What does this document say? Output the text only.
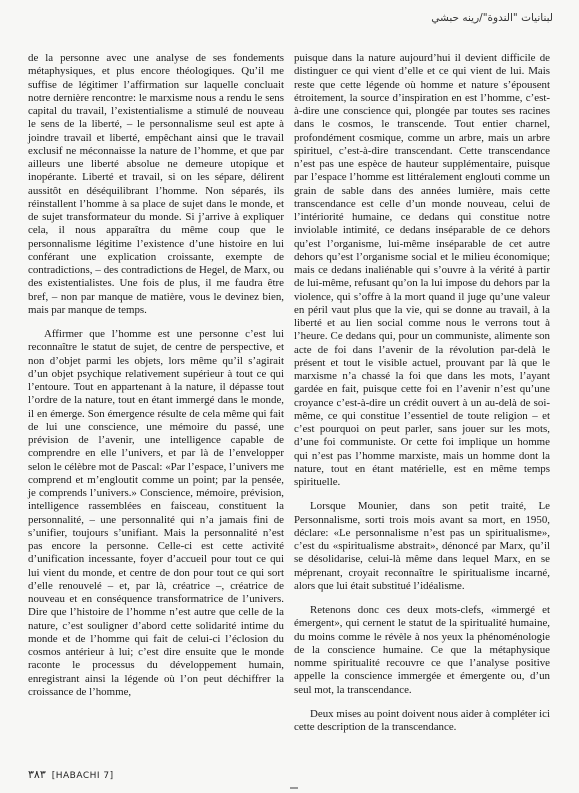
لبنانيات "الندوة"/رينه حبشي

de la personne avec une analyse de ses fondements métaphysiques, et plus encore théologiques. Qu’il me suffise de légitimer l’affirmation sur laquelle concluait notre dernière rencontre: le marxisme nous a rendu le sens capital du travail, l’existentialisme a stimulé de nouveau le sens de la liberté, – le personnalisme seul est apte à joindre travail et liberté, empêchant ainsi que le travail exclusif ne méconnaisse la nature de l’homme, et que par ailleurs une liberté absolue ne demeure utopique et inopérante. Liberté et travail, si on les sépare, délirent aussitôt en déséquilibrant l’homme. Non séparés, ils réinstallent l’homme à sa place de sujet dans le monde, et de sujet transformateur du monde. Si j’arrive à expliquer cela, il nous apparaîtra du même coup que le personnalisme légitime l’existence d’une histoire en lui conférant une explication croissante, exempte de contradictions, – des contradictions de Hegel, de Marx, ou des existentialistes. Une fois de plus, il me faudra être bref, – non par manque de matière, vous le devinez bien, mais par manque de temps.

Affirmer que l’homme est une personne c’est lui reconnaître le statut de sujet, de centre de perspective, et non d’objet parmi les objets, lors même qu’il s’agirait d’un objet psychique relativement supérieur à tout ce qui l’entoure. Tout en appartenant à la nature, il dépasse tout l’ordre de la nature, tout en étant immergé dans le monde, il en émerge. Son émergence résulte de cela même qui fait de lui une conscience, une mémoire du passé, une prévision de l’avenir, une intelligence capable de comprendre en elle l’univers, et par là de l’envelopper selon le célèbre mot de Pascal: «Par l’espace, l’univers me comprend et m’engloutit comme un point; par la pensée, je comprends l’univers.» Conscience, mémoire, prévision, intelligence rassemblées en faisceau, constituent la personnalité, – une personnalité qui n’a jamais fini de s’unifier, toujours s’unifiant. Mais la personnalité n’est pas encore la personne. Celle-ci est cette activité d’unification incessante, foyer d’accueil pour tout ce qui lui vient du monde, et centre de don pour tout ce qui sort d’elle renouvelé – et, par là, créatrice –, créatrice de nouveau et en conséquence transformatrice de l’univers. Dire que l’histoire de l’homme n’est autre que celle de la nature, c’est souligner d’abord cette solidarité intime du monde et de l’homme qui fait de celui-ci l’éclosion du cosmos antérieur à lui; c’est dire ensuite que le monde raconte le processus du développement humain, enregistrant ainsi la légende où l’on peut déchiffrer la croissance de l’homme,

puisque dans la nature aujourd’hui il devient difficile de distinguer ce qui vient d’elle et ce qui vient de lui. Mais reste que cette légende où homme et nature s’épousent étroitement, la source d’inspiration en est l’homme, c’est-à-dire une conscience qui, plongée par toutes ses racines dans le cosmos, le transcende. Tout entier charnel, profondément cosmique, comme un arbre, mais un arbre spirituel, c’est-à-dire transcendant. Cette transcendance n’est pas une espèce de hauteur supplémentaire, puisque par l’espace l’homme est littéralement englouti comme un grain de sable dans des années lumière, mais cette transcendance est celle d’un monde nouveau, celui de l’intériorité humaine, ce dedans qui constitue notre inviolable intimité, ce dedans inséparable de ce dehors qu’est l’organisme, lui-même inséparable de cet autre dehors qu’est l’organisme social et le milieu économique; mais ce dedans inaliénable qui s’ouvre à la vérité à partir de lui-même, refusant qu’on la lui impose du dehors par la violence, qui s’offre à la mort quand il juge qu’une valeur en péril vaut plus que la vie, qui se donne au travail, à la liberté et au lien social comme nous le verrons tout à l’heure. Ce dedans qui, pour un communiste, alimente son acte de foi dans l’avenir de la révolution par-delà le présent et tout le visible actuel, prouvant par là que le marxisme n’a chassé la foi que dans les mots, l’ayant gardée en fait, puisque cette foi en l’avenir n’est qu’une croyance c’est-à-dire un crédit ouvert à un au-delà de soi-même, ce qui constitue l’essentiel de toute religion – et c’est pourquoi on peut parler, sans jouer sur les mots, d’une foi communiste. Or cette foi implique un homme qui n’est pas l’homme marxiste, mais un homme dont la nature, tout en étant matérielle, est en même temps spirituelle.

Lorsque Mounier, dans son petit traité, Le Personnalisme, sorti trois mois avant sa mort, en 1950, déclare: «Le personnalisme n’est pas un spiritualisme», c’est du «spiritualisme abstrait», dénoncé par Marx, qu’il se désolidarise, celui-là même dans lequel Marx, en se méprenant, croyait reconnaître le spiritualisme incarné, alors que lui était substitué l’idéalisme.

Retenons donc ces deux mots-clefs, «immergé et émergent», qui cernent le statut de la spiritualité humaine, du moins comme le révèle à nos yeux la phénoménologie de la conscience humaine. Ce que la métaphysique nomme spiritualité recouvre ce que l’analyse positive appelle la conscience immergée et émergente ou, d’un seul mot, la transcendance.

Deux mises au point doivent nous aider à compléter ici cette description de la transcendance.

٣٨٣ [HABACHI 7]
